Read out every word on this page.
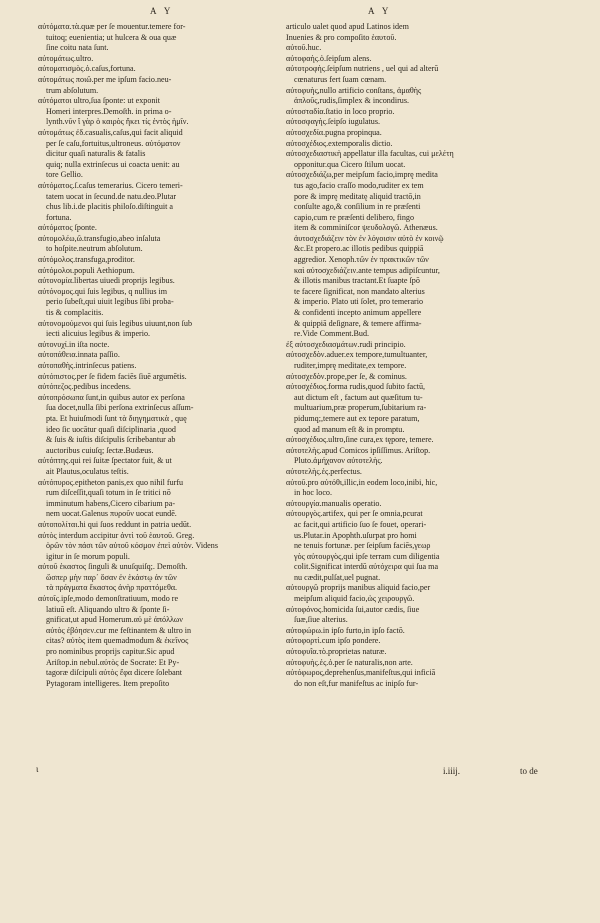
A Y	A Y
αὐτόματα.τὰ.quæ per ſe mouentur.temere for-
tuitoq; euenientia; ut hulcera & oua quæ
ſine coitu nata ſunt.
αὐτομάτως.ultro.
αὐτοματισμὸς.ὁ.caſus,fortuna.
αὐτομάτως ποιῶ.per me ipſum facio.neu-
trum abſolutum.
* αὐτόματοι ultro,ſua ſponte: ut exponit
Homeri interpres.Demoſth. in prima o-
lynth.νῦν ἵ γὰρ ὁ καιρὸς ἥκει τίς ἐντὸς ἡμῖν.
αὐτομάτως ἐδ.casualis,caſus,qui facit aliquid
* per ſe caſu,fortuitus,ultroneus. αὐτόματον
dicitur quaſi naturalis & fatalis
quiq; nulla extrinſecus ui coacta uenit: au
tore Gellio.
* αὐτόματος.ſ.caſus temerarius. Cicero temeri-
tatem uocat in ſecund.de natu.deo.Plutar
chus lib.i.de placitis philoſo.diſtinguit a
fortuna.
αὐτόματος ſponte.
αὐτομολέω,ῶ.transfugio,abeo inſaluta
to hoſpite.neutrum abſolutum.
αὐτόμολος.transfuga,proditor.
αὐτόμολοι.populi Aethiopum.
αὐτονομία.libertas uiuedi proprijs legibus.
* αὐτόνομος.qui ſuis legibus, q nullius im
perio ſubeſt,qui uiuit legibus ſibi proba-
tis & complacitis.
* αὐτονομούμενοι qui ſuis legibus uiuunt,non ſub
iecti alicuius legibus & imperio.
αὐτονυχί.in iſta nocte.
αὐτοπάθεια.innata paſſio.
αὐτοπαθὴς.intrinſecus patiens.
αὐτόπιστος.per ſe fidem faciēs ſiuē argumētis.
αὐτόπεζος.pedibus incedens.
* αὐτοπρόσωπα ſunt,in quibus autor ex perſona
ſua docet,nulla ſibi perſona extrinſecus aſſum-
pta. Et huiuſmodi ſunt τὰ διηγηματικὰ , quę
ideo ſic uocātur quaſi diſciplinaria ,quod
& ſuis & iuſtis diſcipulis ſcribebantur ab
auctoribus cuiuſq; ſectæ.Budæus.
αὐτόπτης.qui rei ſuitæ ſpectator fuit, & ut
ait Plautus,oculatus teſtis.
αὐτόπυρος.epitheton panis,ex quo nihil furfu
rum diſceſſit,quaſi totum in ſe tritici nō
* imminutum habens,Cicero cibarium pa-
nem uocat.Galenus πυροῦν uocat eundē.
* αὐτοπολίται.hi qui ſuos reddunt in patria uedūt.
* αὐτὸς interdum accipitur ἀντὶ τοῦ ἑαυτοῦ. Greg.
ὁρῶν τὸν πάσι τῶν αὐτοῦ κόσμον ἐπεὶ αὐτὸν. Videns
igitur in ſe morum populi.
* αὐτοῦ ἑκαστος ſinguli & unuſquiſq;. Demoſth.
ὥσπερ μὴν παρ᾽ ὅσαν ἐν ἑκάστῳ ἀν τῶν
τὰ πράγματα ἔκαστος ἀνὴρ πραττόμεθα.
αὐτοῖς.ipſe,modo demonſtratiuum, modo re
latiuū eſt. Aliquando ultro & ſponte ſi-
gnificat,ut apud Homerum.αὐ μὲ ἀπόλλων
αὐτὸς ἐβόησεν.cur me feſtinantem & ultro in
citas? αὐτὸς item quemadmodum & ἐκεῖνος
pro nominibus proprijs capitur.Sic apud
Ariſtop.in nebul.αὐτὸς de Socrate: Et Py-
tagoræ diſcipuli αὐτὸς ἔφα dicere ſolebant
Pytagoram intelligeres. Item prepoſito
articulo ualet quod apud Latinos idem
Inuenies & pro compoſito ἑαυτοῦ.
αὐτοῦ.huc.
αὐτοφαὴς.ὁ.ſeipſum alens.
αὐτοτροφὴς.ſeipſum nutriens , uel qui ad alterū
cœnaturus fert ſuam cœnam.
* αὐτοφυὴς,nullo artificio conſtans, ἀμαθὴς
ἀπλοῦς,rudis,ſimplex & incondirus.
αὐτοσταδία.ſtatio in loco proprio.
αὐτοσφαγὴς.ſeipſo iugulatus.
αὐτοσχεδία.pugna propinqua.
* αὐτοσχέδιος.extemporalis dictio.
* αὐτοσχεδιαστικὴ appellatur illa facultas, cui μελέτη
opponitur.qua Cicero ſtilum uocat.
* αὐτοσχεδιάζω,per meipſum facio,imprę medita
tus ago,facio craſſo modo,ruditer ex tem
pore & imprę meditatę aliquid tractō,in
conſulte ago,& conſilium in re præſenti
capio,cum re præſenti delibero, fingo
item & comminiſcor ψευδολογῶ. Athenæus.
ἀυτοσχεδιάζειν τὸν ἐν λόγοισιν αὐτὸ ἐν κοινῷ
&c.Et propero.ac illotis pedibus quippiā
aggredior. Xenoph.τῶν ἐν πρακτικῶν τῶν
καὶ αὐτοσχεδιάζειν.ante tempus adipiſcuntur,
& illotis manibus tractant.Et ſuapte ſpō
te facere ſignificat, non mandato alterius
& imperio. Plato uti ſolet, pro temerario
& confidenti incepto animum appellere
& quippiā deſignare, & temere affirma-
re.Vide Comment.Bud.
* ἐξ αὐτοσχεδιασμάτων.rudi principio.
* αὐτοσχεδὸν.aduer.ex tempore,tumultuanter,
ruditer,imprę meditate,ex tempore.
αὐτοσχεδὸν.prope,per ſe, & cominus.
* αὐτοσχέδιος.forma rudis,quod ſubito factū,
aut dictum eſt , factum aut quæſitum tu-
multuarium,præ properum,ſubitarium ra-
pidumq;,temere aut ex tepore paratum,
quod ad manum eſt & in promptu.
αὐτοσχέδιος.ultro,ſine cura,ex tępore, temere.
αὐτοτελὴς.apud Comicos ipſiſſimus. Ariſtop.
Pluto.ἀμήχανον αὐτοτελὴς.
αὐτοτελὴς.ἐς.perfectus.
αὐτοῦ.pro αὐτόθι,illic,in eodem loco,inibi, hic,
in hoc loco.
αὐτουργία.manualis operatio.
* αὐτουργὸς.artifex, qui per ſe omnia,pcurat
ac facit,qui artificio ſuo ſe fouet, operari-
us.Plutar.in Apophth.uſurpat pro homi
ne tenuis fortunæ. per ſeipſum faciēs,γεωρ
γὸς αὐτουργὸς,qui ipſe terram cum diligentia
colit.Significat interdū αὐτόχειρα qui ſua ma
nu cædit,pulſat,uel pugnat.
αὐτουργῶ proprijs manibus aliquid facio,per
meipſum aliquid facio,ὡς χειρουργῶ.
αὐτοφόνος.homicida ſui,autor cædis, ſiue
ſuæ,ſiue alterius.
αὐτοφώρω.in ipſo furto,in ipſo factō.
αὐτοφορτὶ.cum ipſo pondere.
αὐτοφυΐα.τὸ.proprietas naturæ.
αὐτοφυὴς.ἐς.ὁ.per ſe naturalis,non arte.
* αὐτόφωρος,deprehenſus,manifeſtus,qui inficiā
do non eſt,fur manifeſtus ac inipſo fur-
ι	i.iiij.	to de
